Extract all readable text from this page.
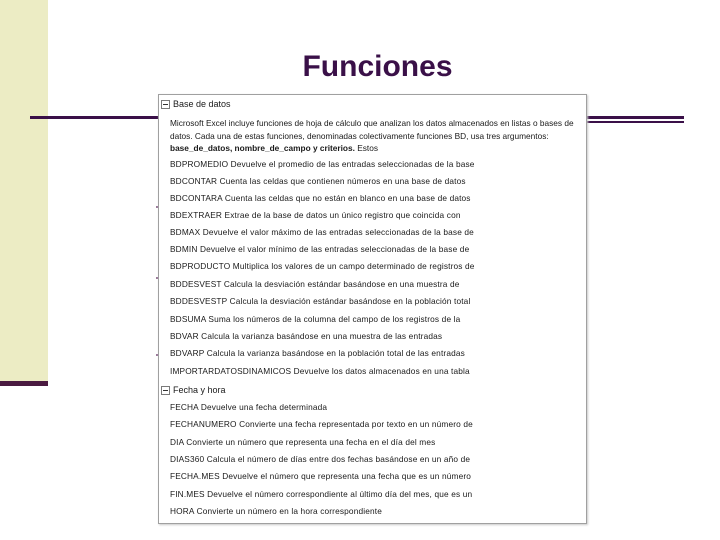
Funciones
Base de datos
Microsoft Excel incluye funciones de hoja de cálculo que analizan los datos almacenados en listas o bases de datos. Cada una de estas funciones, denominadas colectivamente funciones BD, usa tres argumentos: base_de_datos, nombre_de_campo y criterios. Estos
BDPROMEDIO Devuelve el promedio de las entradas seleccionadas de la base
BDCONTAR Cuenta las celdas que contienen números en una base de datos
BDCONTARA Cuenta las celdas que no están en blanco en una base de datos
BDEXTRAER Extrae de la base de datos un único registro que coincida con
BDMAX Devuelve el valor máximo de las entradas seleccionadas de la base de
BDMIN Devuelve el valor mínimo de las entradas seleccionadas de la base de
BDPRODUCTO Multiplica los valores de un campo determinado de registros de
BDDESVEST Calcula la desviación estándar basándose en una muestra de
BDDESVESTP Calcula la desviación estándar basándose en la población total
BDSUMA Suma los números de la columna del campo de los registros de la
BDVAR Calcula la varianza basándose en una muestra de las entradas
BDVARP Calcula la varianza basándose en la población total de las entradas
IMPORTARDATOSDINAMICOS Devuelve los datos almacenados en una tabla
Fecha y hora
FECHA Devuelve una fecha determinada
FECHANUMERO Convierte una fecha representada por texto en un número de
DIA Convierte un número que representa una fecha en el día del mes
DIAS360 Calcula el número de días entre dos fechas basándose en un año de
FECHA.MES Devuelve el número que representa una fecha que es un número
FIN.MES Devuelve el número correspondiente al último día del mes, que es un
HORA Convierte un número en la hora correspondiente
